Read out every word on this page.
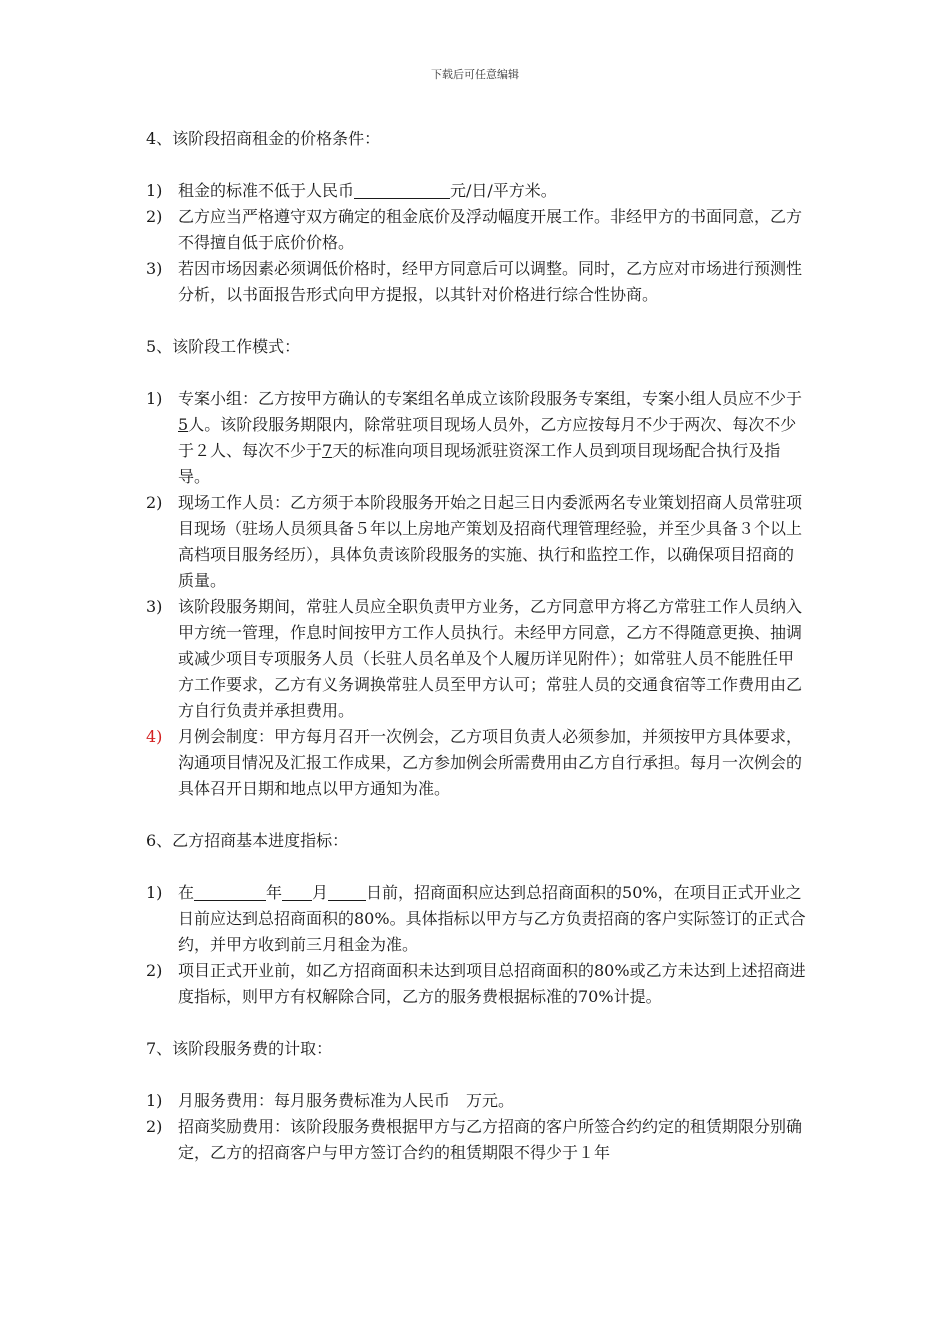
下载后可任意编辑
4、该阶段招商租金的价格条件：
1) 租金的标准不低于人民币	元/日/平方米。
2) 乙方应当严格遵守双方确定的租金底价及浮动幅度开展工作。非经甲方的书面同意，乙方不得擅自低于底价价格。
3) 若因市场因素必须调低价格时，经甲方同意后可以调整。同时，乙方应对市场进行预测性分析，以书面报告形式向甲方提报，以其针对价格进行综合性协商。
5、该阶段工作模式：
1) 专案小组：乙方按甲方确认的专案组名单成立该阶段服务专案组，专案小组人员应不少于5人。该阶段服务期限内，除常驻项目现场人员外，乙方应按每月不少于两次、每次不少于２人、每次不少于7天的标准向项目现场派驻资深工作人员到项目现场配合执行及指导。
2) 现场工作人员：乙方须于本阶段服务开始之日起三日内委派两名专业策划招商人员常驻项目现场（驻场人员须具备５年以上房地产策划及招商代理管理经验，并至少具备３个以上高档项目服务经历），具体负责该阶段服务的实施、执行和监控工作，以确保项目招商的质量。
3) 该阶段服务期间，常驻人员应全职负责甲方业务，乙方同意甲方将乙方常驻工作人员纳入甲方统一管理，作息时间按甲方工作人员执行。未经甲方同意，乙方不得随意更换、抽调或减少项目专项服务人员（长驻人员名单及个人履历详见附件）；如常驻人员不能胜任甲方工作要求，乙方有义务调换常驻人员至甲方认可；常驻人员的交通食宿等工作费用由乙方自行负责并承担费用。
4) 月例会制度：甲方每月召开一次例会，乙方项目负责人必须参加，并须按甲方具体要求，沟通项目情况及汇报工作成果，乙方参加例会所需费用由乙方自行承担。每月一次例会的具体召开日期和地点以甲方通知为准。
6、乙方招商基本进度指标：
1) 在	年 月 日前，招商面积应达到总招商面积的50%，在项目正式开业之日前应达到总招商面积的80%。具体指标以甲方与乙方负责招商的客户实际签订的正式合约，并甲方收到前三月租金为准。
2) 项目正式开业前，如乙方招商面积未达到项目总招商面积的80%或乙方未达到上述招商进度指标，则甲方有权解除合同，乙方的服务费根据标准的70%计提。
7、该阶段服务费的计取：
1) 月服务费用：每月服务费标准为人民币　万元。
2) 招商奖励费用：该阶段服务费根据甲方与乙方招商的客户所签合约约定的租赁期限分别确定，乙方的招商客户与甲方签订合约的租赁期限不得少于１年
